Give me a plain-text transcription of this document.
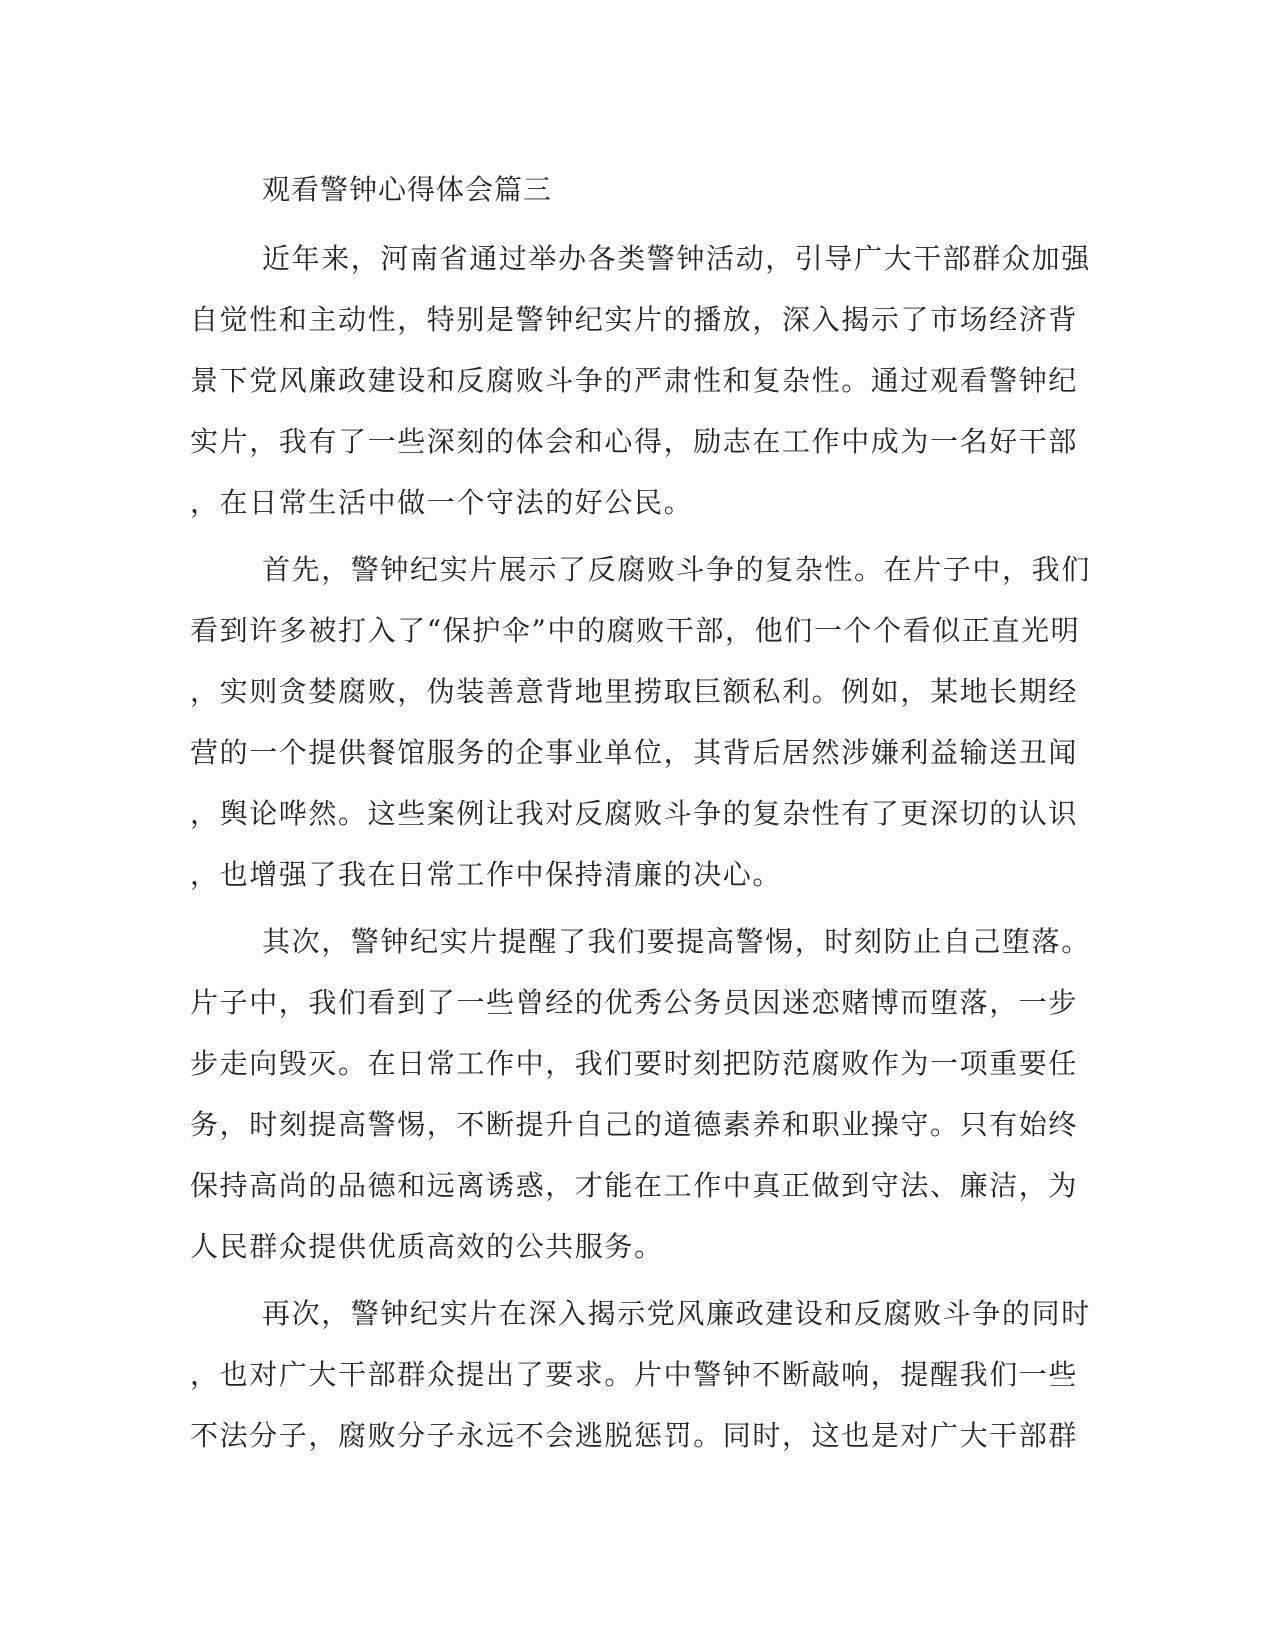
观看警钟心得体会篇三

近年来，河南省通过举办各类警钟活动，引导广大干部群众加强
自觉性和主动性，特别是警钟纪实片的播放，深入揭示了市场经济背
景下党风廉政建设和反腐败斗争的严肃性和复杂性。通过观看警钟纪
实片，我有了一些深刻的体会和心得，励志在工作中成为一名好干部
，在日常生活中做一个守法的好公民。

首先，警钟纪实片展示了反腐败斗争的复杂性。在片子中，我们
看到许多被打入了“保护伞”中的腐败干部，他们一个个看似正直光明
，实则贪婪腐败，伪装善意背地里捞取巨额私利。例如，某地长期经
营的一个提供餐馆服务的企事业单位，其背后居然涉嫌利益输送丑闻
，舆论哗然。这些案例让我对反腐败斗争的复杂性有了更深切的认识
，也增强了我在日常工作中保持清廉的决心。

其次，警钟纪实片提醒了我们要提高警惕，时刻防止自己堕落。
片子中，我们看到了一些曾经的优秀公务员因迷恋赌博而堕落，一步
步走向毁灭。在日常工作中，我们要时刻把防范腐败作为一项重要任
务，时刻提高警惕，不断提升自己的道德素养和职业操守。只有始终
保持高尚的品德和远离诱惑，才能在工作中真正做到守法、廉洁，为
人民群众提供优质高效的公共服务。

再次，警钟纪实片在深入揭示党风廉政建设和反腐败斗争的同时
，也对广大干部群众提出了要求。片中警钟不断敲响，提醒我们一些
不法分子，腐败分子永远不会逃脱惩罚。同时，这也是对广大干部群
